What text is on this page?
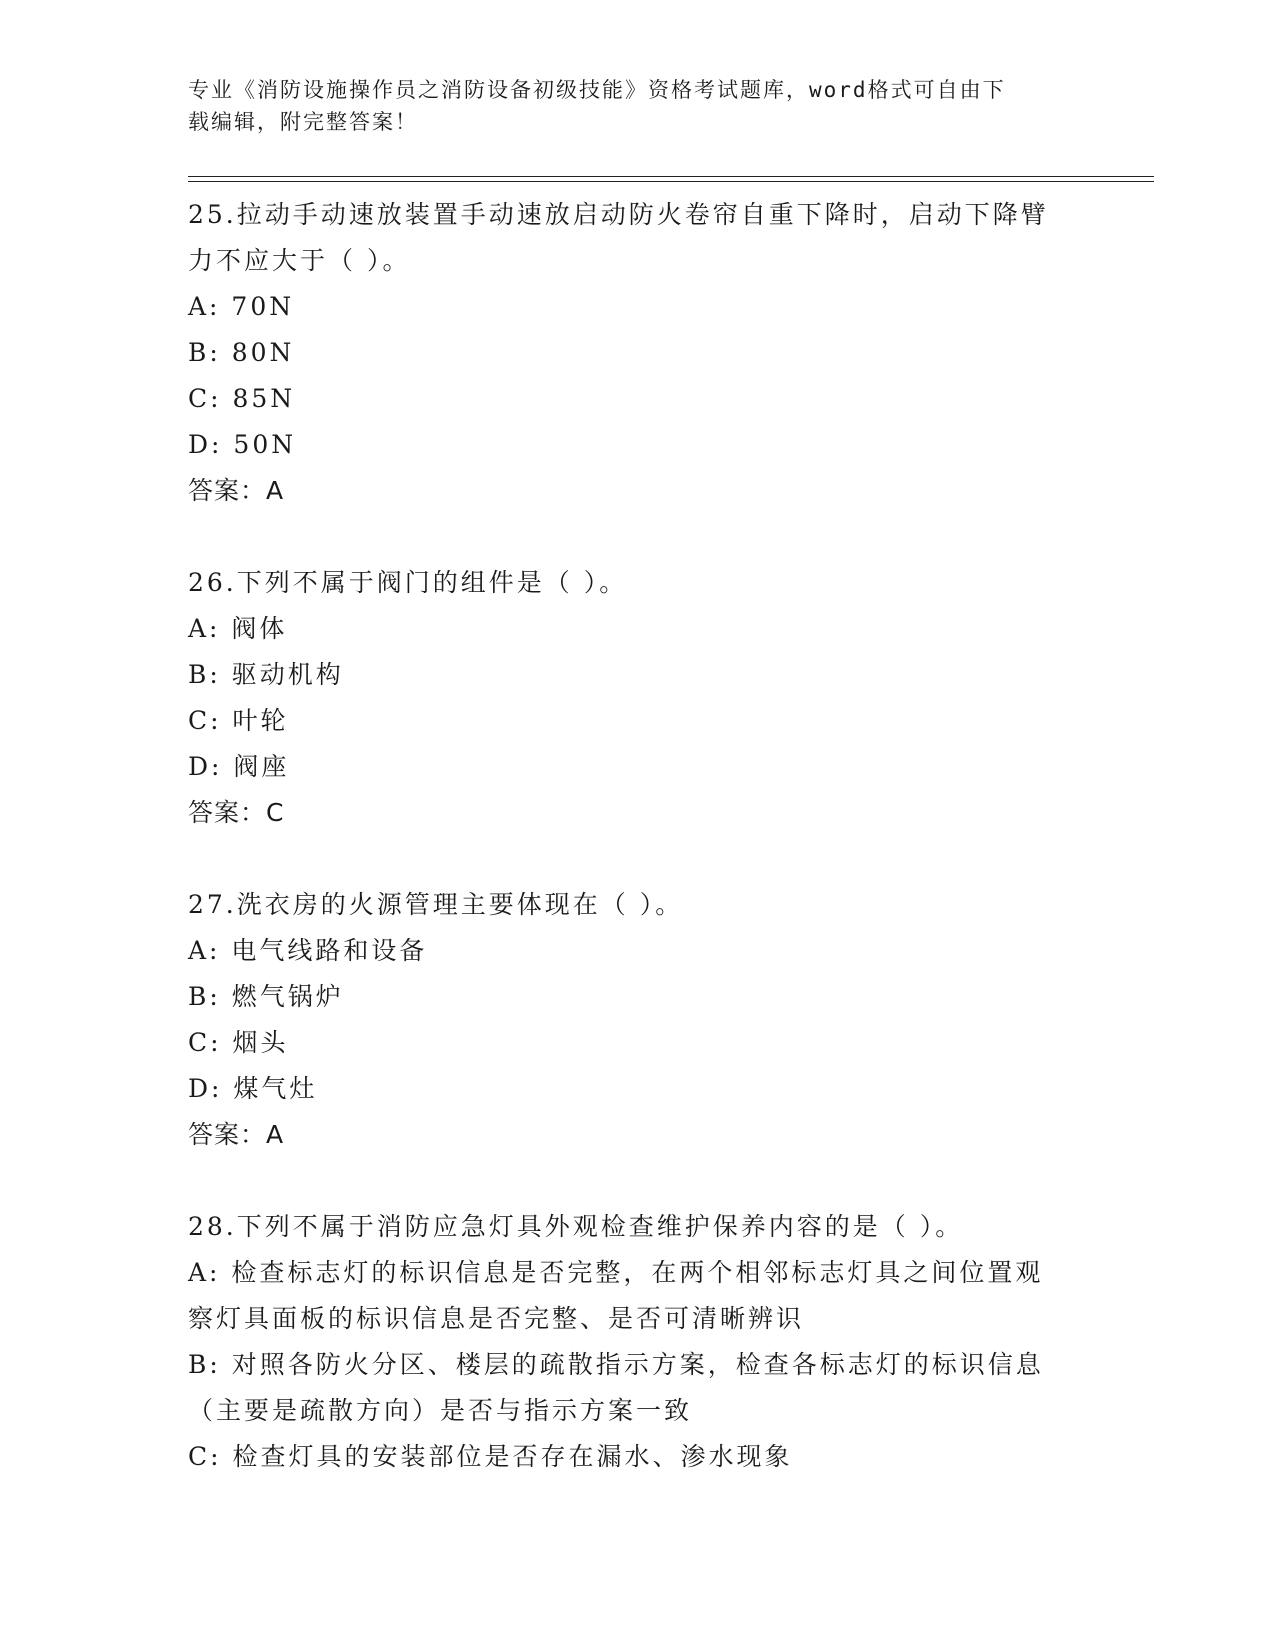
专业《消防设施操作员之消防设备初级技能》资格考试题库，word格式可自由下
载编辑，附完整答案！
25.拉动手动速放装置手动速放启动防火卷帘自重下降时，启动下降臂
力不应大于（ ）。
A: 70N
B: 80N
C: 85N
D: 50N
答案：A
26.下列不属于阀门的组件是（ ）。
A: 阀体
B: 驱动机构
C: 叶轮
D: 阀座
答案：C
27.洗衣房的火源管理主要体现在（ ）。
A: 电气线路和设备
B: 燃气锅炉
C: 烟头
D: 煤气灶
答案：A
28.下列不属于消防应急灯具外观检查维护保养内容的是（ ）。
A: 检查标志灯的标识信息是否完整，在两个相邻标志灯具之间位置观
察灯具面板的标识信息是否完整、是否可清晰辨识
B: 对照各防火分区、楼层的疏散指示方案，检查各标志灯的标识信息
（主要是疏散方向）是否与指示方案一致
C: 检查灯具的安装部位是否存在漏水、渗水现象
